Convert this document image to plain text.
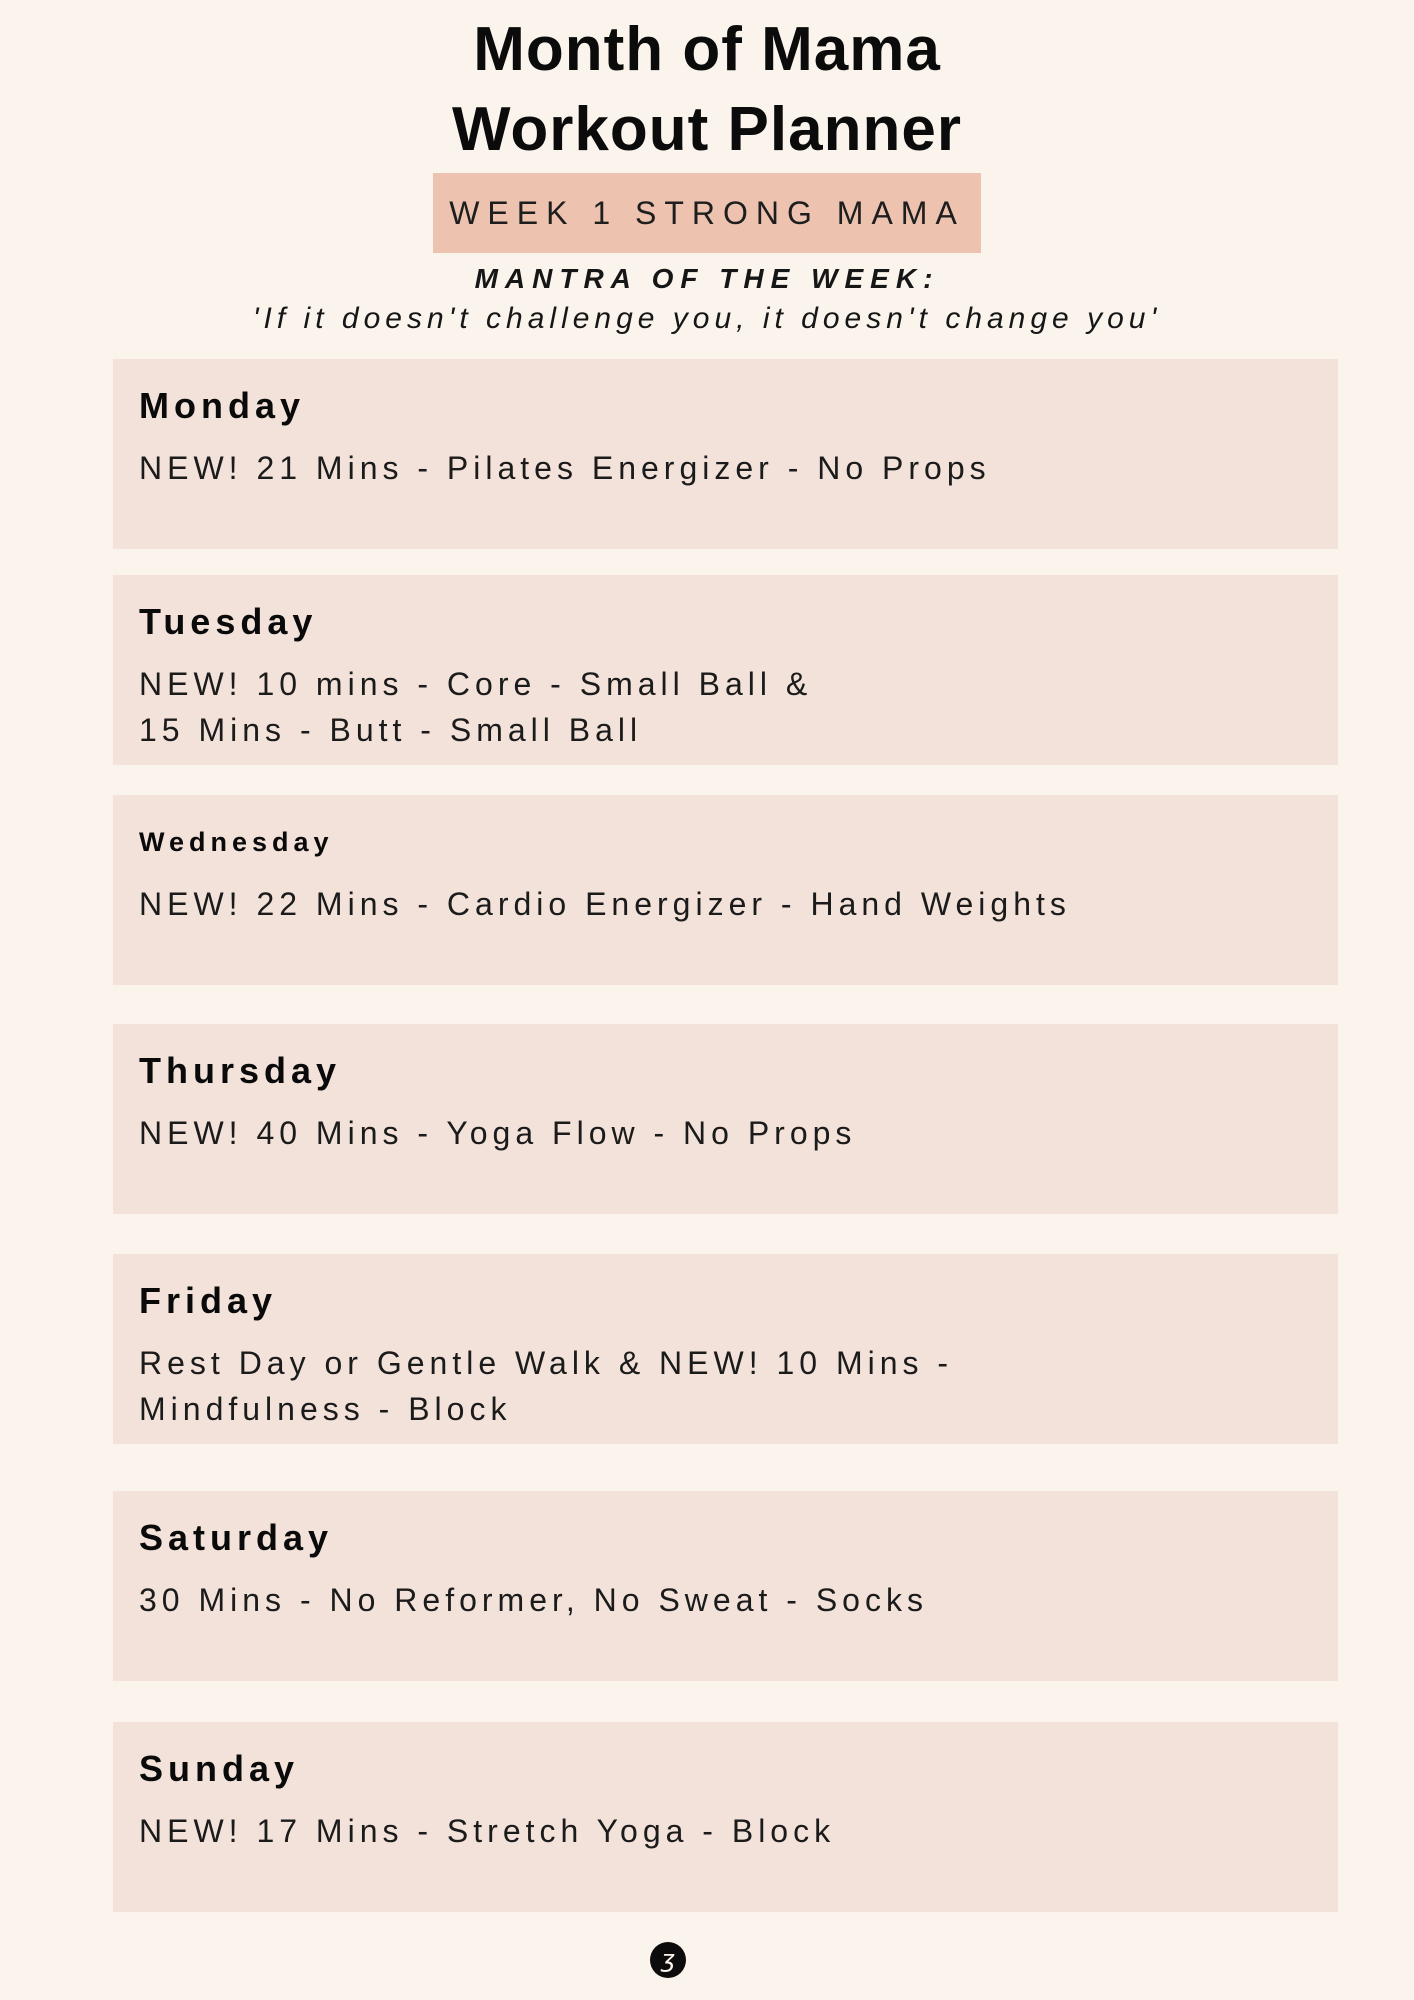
Month of Mama
Workout Planner
WEEK 1 STRONG MAMA
MANTRA OF THE WEEK:
'If it doesn't challenge you, it doesn't change you'
Monday
NEW! 21 Mins - Pilates Energizer - No Props
Tuesday
NEW! 10 mins - Core - Small Ball &
15 Mins - Butt - Small Ball
Wednesday
NEW! 22 Mins - Cardio Energizer - Hand Weights
Thursday
NEW! 40 Mins - Yoga Flow - No Props
Friday
Rest Day or Gentle Walk & NEW! 10 Mins -
Mindfulness - Block
Saturday
30 Mins - No Reformer, No Sweat - Socks
Sunday
NEW! 17 Mins - Stretch Yoga - Block
ʒ
